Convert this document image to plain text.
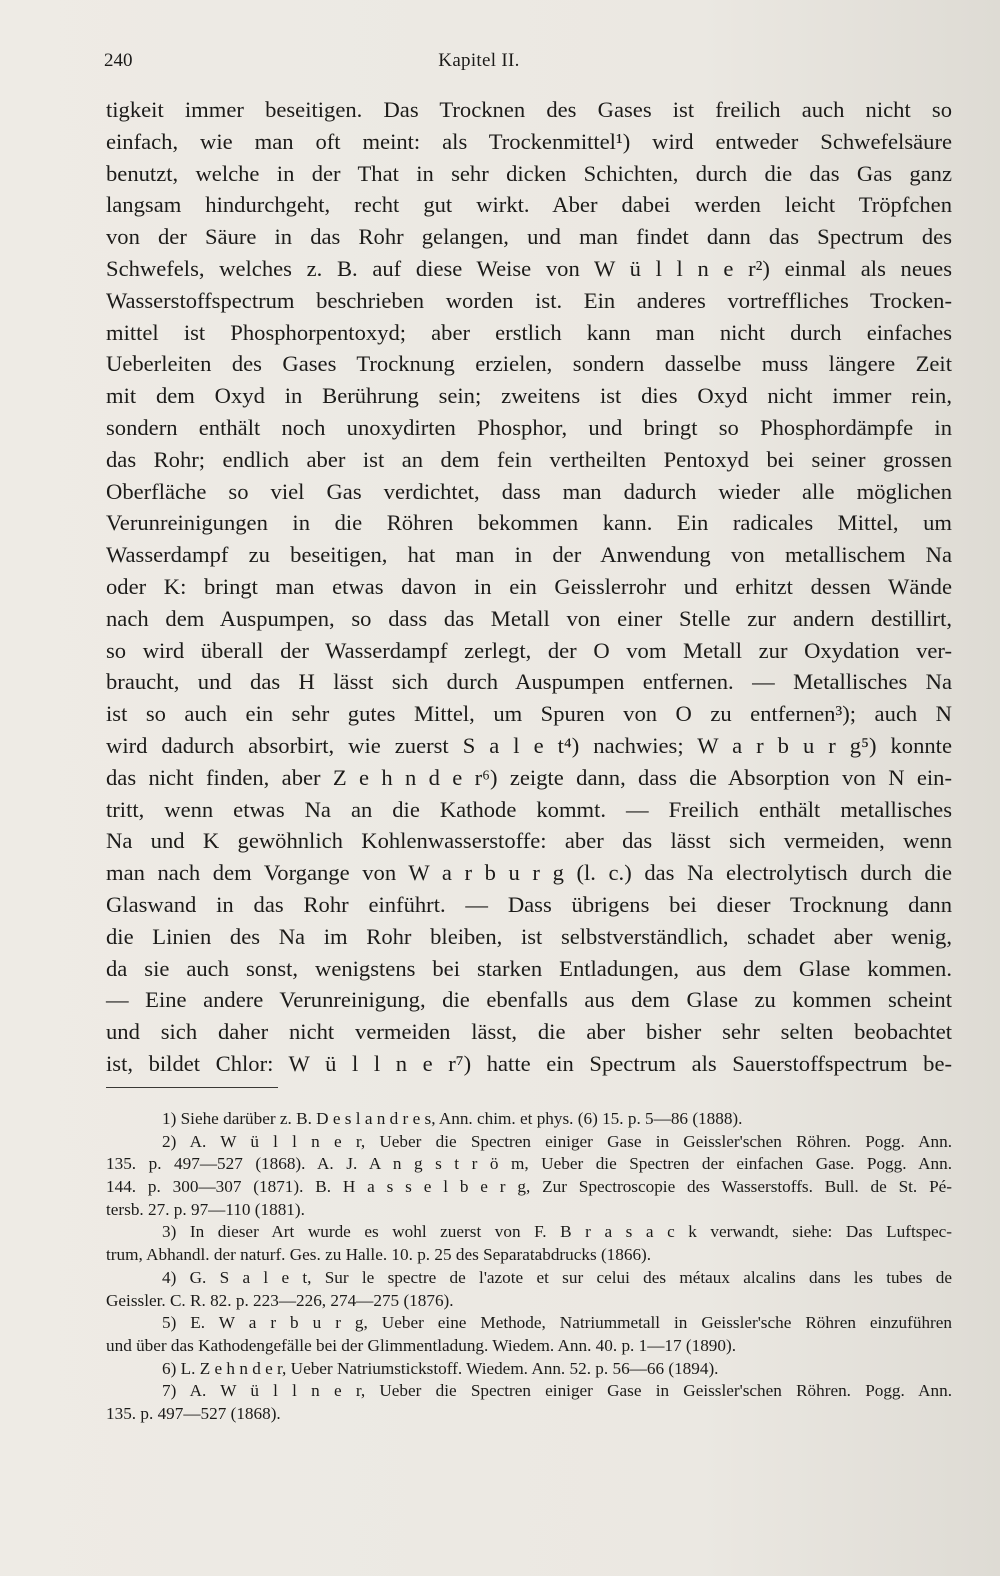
240	Kapitel II.
tigkeit immer beseitigen. Das Trocknen des Gases ist freilich auch nicht so
einfach, wie man oft meint: als Trockenmittel¹) wird entweder Schwefelsäure
benutzt, welche in der That in sehr dicken Schichten, durch die das Gas ganz
langsam hindurchgeht, recht gut wirkt. Aber dabei werden leicht Tröpfchen
von der Säure in das Rohr gelangen, und man findet dann das Spectrum des
Schwefels, welches z. B. auf diese Weise von W ü l l n e r²) einmal als neues
Wasserstoffspectrum beschrieben worden ist. Ein anderes vortreffliches Trocken-
mittel ist Phosphorpentoxyd; aber erstlich kann man nicht durch einfaches
Ueberleiten des Gases Trocknung erzielen, sondern dasselbe muss längere Zeit
mit dem Oxyd in Berührung sein; zweitens ist dies Oxyd nicht immer rein,
sondern enthält noch unoxydirten Phosphor, und bringt so Phosphordämpfe in
das Rohr; endlich aber ist an dem fein vertheilten Pentoxyd bei seiner grossen
Oberfläche so viel Gas verdichtet, dass man dadurch wieder alle möglichen
Verunreinigungen in die Röhren bekommen kann. Ein radicales Mittel, um
Wasserdampf zu beseitigen, hat man in der Anwendung von metallischem Na
oder K: bringt man etwas davon in ein Geisslerrohr und erhitzt dessen Wände
nach dem Auspumpen, so dass das Metall von einer Stelle zur andern destillirt,
so wird überall der Wasserdampf zerlegt, der O vom Metall zur Oxydation ver-
braucht, und das H lässt sich durch Auspumpen entfernen. — Metallisches Na
ist so auch ein sehr gutes Mittel, um Spuren von O zu entfernen³); auch N
wird dadurch absorbirt, wie zuerst S a l e t⁴) nachwies; W a r b u r g⁵) konnte
das nicht finden, aber Z e h n d e r⁶) zeigte dann, dass die Absorption von N ein-
tritt, wenn etwas Na an die Kathode kommt. — Freilich enthält metallisches
Na und K gewöhnlich Kohlenwasserstoffe: aber das lässt sich vermeiden, wenn
man nach dem Vorgange von W a r b u r g (l. c.) das Na electrolytisch durch die
Glaswand in das Rohr einführt. — Dass übrigens bei dieser Trocknung dann
die Linien des Na im Rohr bleiben, ist selbstverständlich, schadet aber wenig,
da sie auch sonst, wenigstens bei starken Entladungen, aus dem Glase kommen.
— Eine andere Verunreinigung, die ebenfalls aus dem Glase zu kommen scheint
und sich daher nicht vermeiden lässt, die aber bisher sehr selten beobachtet
ist, bildet Chlor: W ü l l n e r⁷) hatte ein Spectrum als Sauerstoffspectrum be-
1) Siehe darüber z. B. D e s l a n d r e s, Ann. chim. et phys. (6) 15. p. 5—86 (1888).
2) A. W ü l l n e r, Ueber die Spectren einiger Gase in Geissler'schen Röhren. Pogg. Ann.
135. p. 497—527 (1868). A. J. A n g s t r ö m, Ueber die Spectren der einfachen Gase. Pogg. Ann.
144. p. 300—307 (1871). B. H a s s e l b e r g, Zur Spectroscopie des Wasserstoffs. Bull. de St. Pé-
tersb. 27. p. 97—110 (1881).
3) In dieser Art wurde es wohl zuerst von F. B r a s a c k verwandt, siehe: Das Luftspec-
trum, Abhandl. der naturf. Ges. zu Halle. 10. p. 25 des Separatabdrucks (1866).
4) G. S a l e t, Sur le spectre de l'azote et sur celui des métaux alcalins dans les tubes de
Geissler. C. R. 82. p. 223—226, 274—275 (1876).
5) E. W a r b u r g, Ueber eine Methode, Natriummetall in Geissler'sche Röhren einzuführen
und über das Kathodengefälle bei der Glimmentladung. Wiedem. Ann. 40. p. 1—17 (1890).
6) L. Z e h n d e r, Ueber Natriumstickstoff. Wiedem. Ann. 52. p. 56—66 (1894).
7) A. W ü l l n e r, Ueber die Spectren einiger Gase in Geissler'schen Röhren. Pogg. Ann.
135. p. 497—527 (1868).
